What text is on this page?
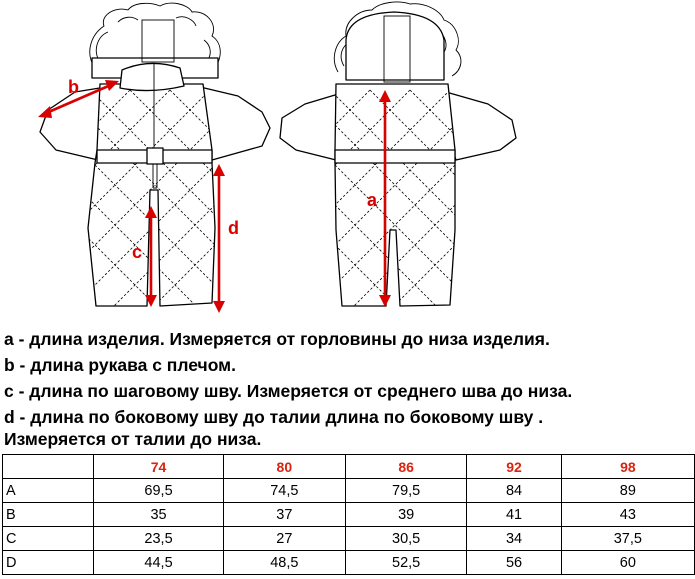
b
c
d
a
a - длина изделия. Измеряется от горловины до низа изделия.
b - длина рукава с плечом.
c - длина по шаговому шву. Измеряется от среднего шва до низа.
d - длина по боковому шву до талии длина по боковому шву .
Измеряется от талии до низа.
	74	80	86	92	98
A	69,5	74,5	79,5	84	89
B	35	37	39	41	43
C	23,5	27	30,5	34	37,5
D	44,5	48,5	52,5	56	60
